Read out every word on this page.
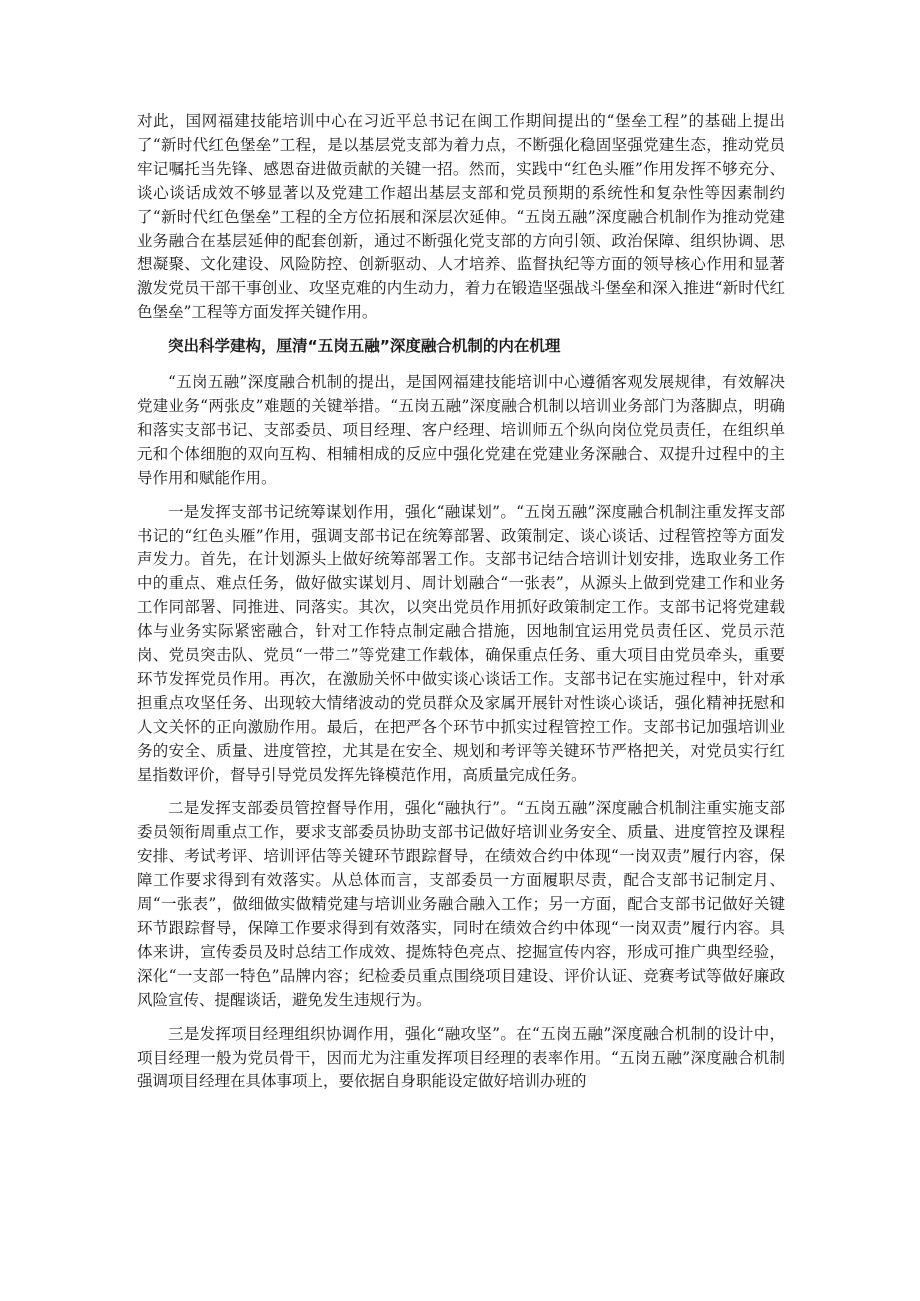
对此，国网福建技能培训中心在习近平总书记在闽工作期间提出的“堡垒工程”的基础上提出了“新时代红色堡垒”工程，是以基层党支部为着力点，不断强化稳固坚强党建生态，推动党员牢记嘱托当先锋、感恩奋进做贡献的关键一招。然而，实践中“红色头雁”作用发挥不够充分、谈心谈话成效不够显著以及党建工作超出基层支部和党员预期的系统性和复杂性等因素制约了“新时代红色堡垒”工程的全方位拓展和深层次延伸。“五岗五融”深度融合机制作为推动党建业务融合在基层延伸的配套创新，通过不断强化党支部的方向引领、政治保障、组织协调、思想凝聚、文化建设、风险防控、创新驱动、人才培养、监督执纪等方面的领导核心作用和显著激发党员干部干事创业、攻坚克难的内生动力，着力在锻造坚强战斗堡垒和深入推进“新时代红色堡垒”工程等方面发挥关键作用。

突出科学建构，厘清“五岗五融”深度融合机制的内在机理

“五岗五融”深度融合机制的提出，是国网福建技能培训中心遵循客观发展规律，有效解决党建业务“两张皮”难题的关键举措。“五岗五融”深度融合机制以培训业务部门为落脚点，明确和落实支部书记、支部委员、项目经理、客户经理、培训师五个纵向岗位党员责任，在组织单元和个体细胞的双向互构、相辅相成的反应中强化党建在党建业务深融合、双提升过程中的主导作用和赋能作用。

一是发挥支部书记统筹谋划作用，强化“融谋划”。“五岗五融”深度融合机制注重发挥支部书记的“红色头雁”作用，强调支部书记在统筹部署、政策制定、谈心谈话、过程管控等方面发声发力。首先，在计划源头上做好统筹部署工作。支部书记结合培训计划安排，选取业务工作中的重点、难点任务，做好做实谋划月、周计划融合“一张表”，从源头上做到党建工作和业务工作同部署、同推进、同落实。其次，以突出党员作用抓好政策制定工作。支部书记将党建载体与业务实际紧密融合，针对工作特点制定融合措施，因地制宜运用党员责任区、党员示范岗、党员突击队、党员“一带二”等党建工作载体，确保重点任务、重大项目由党员牵头，重要环节发挥党员作用。再次，在激励关怀中做实谈心谈话工作。支部书记在实施过程中，针对承担重点攻坚任务、出现较大情绪波动的党员群众及家属开展针对性谈心谈话，强化精神抚慰和人文关怀的正向激励作用。最后，在把严各个环节中抓实过程管控工作。支部书记加强培训业务的安全、质量、进度管控，尤其是在安全、规划和考评等关键环节严格把关，对党员实行红星指数评价，督导引导党员发挥先锋模范作用，高质量完成任务。

二是发挥支部委员管控督导作用，强化“融执行”。“五岗五融”深度融合机制注重实施支部委员领衔周重点工作，要求支部委员协助支部书记做好培训业务安全、质量、进度管控及课程安排、考试考评、培训评估等关键环节跟踪督导，在绩效合约中体现“一岗双责”履行内容，保障工作要求得到有效落实。从总体而言，支部委员一方面履职尽责，配合支部书记制定月、周“一张表”，做细做实做精党建与培训业务融合融入工作；另一方面，配合支部书记做好关键环节跟踪督导，保障工作要求得到有效落实，同时在绩效合约中体现“一岗双责”履行内容。具体来讲，宣传委员及时总结工作成效、提炼特色亮点、挖掘宣传内容，形成可推广典型经验，深化“一支部一特色”品牌内容；纪检委员重点围绕项目建设、评价认证、竞赛考试等做好廉政风险宣传、提醒谈话，避免发生违规行为。

三是发挥项目经理组织协调作用，强化“融攻坚”。在“五岗五融”深度融合机制的设计中，项目经理一般为党员骨干，因而尤为注重发挥项目经理的表率作用。“五岗五融”深度融合机制强调项目经理在具体事项上，要依据自身职能设定做好培训办班的
